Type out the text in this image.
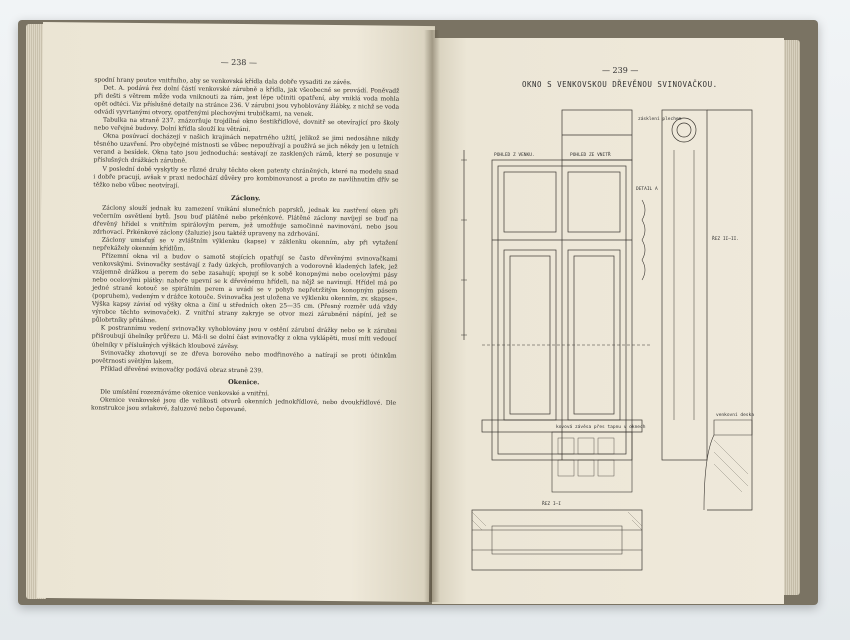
— 238 —

spodní hrany poutce vnitřního, aby se venkovská křídla dala dobře vysaditi ze závěs.

Det. A. podává řez dolní částí venkovské zárubně a křídla, jak všeobecně se provádí. Poněvadž při dešti s větrem může voda vniknouti za rám, jest lépe učiniti opatření, aby vniklá voda mohla opět odtéci. Viz příslušné detaily na stránce 236. V zárubni jsou vyhoblovány žlábky, z nichž se voda odvádí vyvrtanými otvory, opatřenými plechovými trubičkami, na venek.

Tabulka na straně 237. znázorňuje trojdílné okno šestikřídlové, dovnitř se otevírající pro školy nebo veřejné budovy. Dolní křídla slouží ku větrání.

Okna posúvací docházejí v našich krajinách nepatrného užití, jelikož se jimi nedosáhne nikdy těsného uzavření. Pro obyčejné místnosti se vůbec nepoužívají a používá se jich někdy jen u letních verand a besídek. Okna tato jsou jednoduchá: sestávají ze zasklených rámů, který se posunuje v příslušných drážkách zárubně.

V poslední době vyskytly se různé druhy těchto oken patenty chráněných, které na modelu snad i dobře pracují, avšak v praxi nedochází důvěry pro kombinovanost a proto ze navlíhnutím dřív se těžko nebo vůbec neotvírají.

Záclony.

Záclony slouží jednak ku zamezení vnikání slunečních paprsků, jednak ku zastření oken při večerním osvětlení bytů. Jsou buď plátěné nebo prkénkové. Plátěné záclony navíjejí se buď na dřevěný hřídel s vnitřním spirálovým perem, jež umožňuje samočinné navinování, nebo jsou zdrhovací. Prkénkové záclony (žaluzie) jsou taktéž upraveny na zdrhování.

Záclony umisťují se v zvláštním výklenku (kapse) v záklenku okenním, aby při vytažení nepřekážely okenním křídlům.

Přízemní okna vil a budov o samotě stojících opatřují se často dřevěnými svinovačkami venkovskými. Svinovačky sestávají z řady úzkých, profilovaných a vodorovně kladených laťek, jež vzájemně drážkou a perem do sebe zasahují; spojují se k sobě konopnými nebo ocelovými pásy nebo ocelovými plátky: nahoře upevní se k dřevěnému hřídeli, na nějž se navinují. Hřídel má po jedné straně kotouč se spirálním perem a uvádí se v pohyb nepřetržitým konopným pásem (popruhem), vedeným v drážce kotouče. Svinovačka jest uložena ve výklenku okenním, zv. skapse«. Výška kapsy závisí od výšky okna a činí u středních oken 25—35 cm. (Přesný rozměr udá vždy výrobce těchto svinovaček). Z vnitřní strany zakryje se otvor mezi zárubnění nápíní, jež se půlobrtníky přitáhne.

K postrannímu vedení svinovačky vyhoblovány jsou v ostění zárubní drážky nebo se k zárubni přišroubují úhelníky průřezu ⊔. Má-li se dolní část svinovačky z okna vyklápěti, musí míti vedoucí úhelníky v příslušných výškách kloubové závěsy.

Svinovačky zhotovují se ze dřeva borového nebo modřinového a natírají se proti účinkům povětrnosti světlým lakem.

Příklad dřevěné svinovačky podává obraz straně 239.

Okenice.

Dle umístění rozeznáváme okenice venkovské a vnitřní.

Okenice venkovské jsou dle velikosti otvorů okenních jednokřídlové, nebo dvoukřídlové. Dle konstrukce jsou svlakové, žaluzové nebo čepované.

— 239 —
OKNO S VENKOVSKOU DŘEVĚNOU SVINOVAČKOU.
POHLED Z VENKU.	POHLED ZE VNITŘ
ŘEZ II–II.
ŘEZ I–I
DETAIL A
kovová závěsa přes tapnu v oknech
venkovní deska
zásklení plechem
